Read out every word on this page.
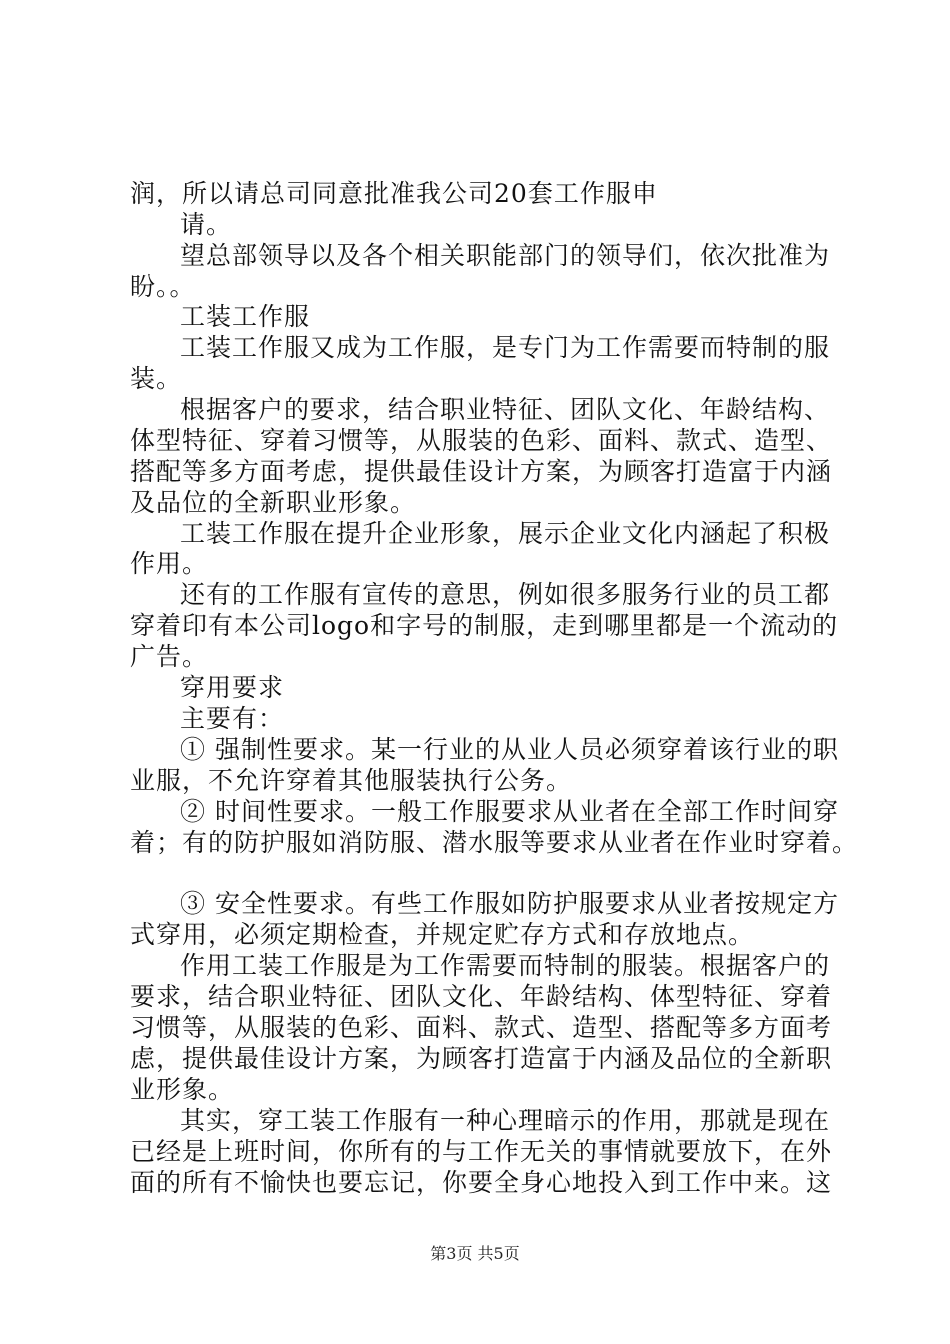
润，所以请总司同意批准我公司20套工作服申
请。
望总部领导以及各个相关职能部门的领导们，依次批准为
盼。。
工装工作服
工装工作服又成为工作服，是专门为工作需要而特制的服
装。
根据客户的要求，结合职业特征、团队文化、年龄结构、
体型特征、穿着习惯等，从服装的色彩、面料、款式、造型、
搭配等多方面考虑，提供最佳设计方案，为顾客打造富于内涵
及品位的全新职业形象。
工装工作服在提升企业形象，展示企业文化内涵起了积极
作用。
还有的工作服有宣传的意思，例如很多服务行业的员工都
穿着印有本公司logo和字号的制服，走到哪里都是一个流动的
广告。
穿用要求
主要有：
① 强制性要求。某一行业的从业人员必须穿着该行业的职
业服，不允许穿着其他服装执行公务。
② 时间性要求。一般工作服要求从业者在全部工作时间穿
着；有的防护服如消防服、潜水服等要求从业者在作业时穿着。
③ 安全性要求。有些工作服如防护服要求从业者按规定方
式穿用，必须定期检查，并规定贮存方式和存放地点。
作用工装工作服是为工作需要而特制的服装。根据客户的
要求，结合职业特征、团队文化、年龄结构、体型特征、穿着
习惯等，从服装的色彩、面料、款式、造型、搭配等多方面考
虑，提供最佳设计方案，为顾客打造富于内涵及品位的全新职
业形象。
其实，穿工装工作服有一种心理暗示的作用，那就是现在
已经是上班时间，你所有的与工作无关的事情就要放下，在外
面的所有不愉快也要忘记，你要全身心地投入到工作中来。这
第3页 共5页
